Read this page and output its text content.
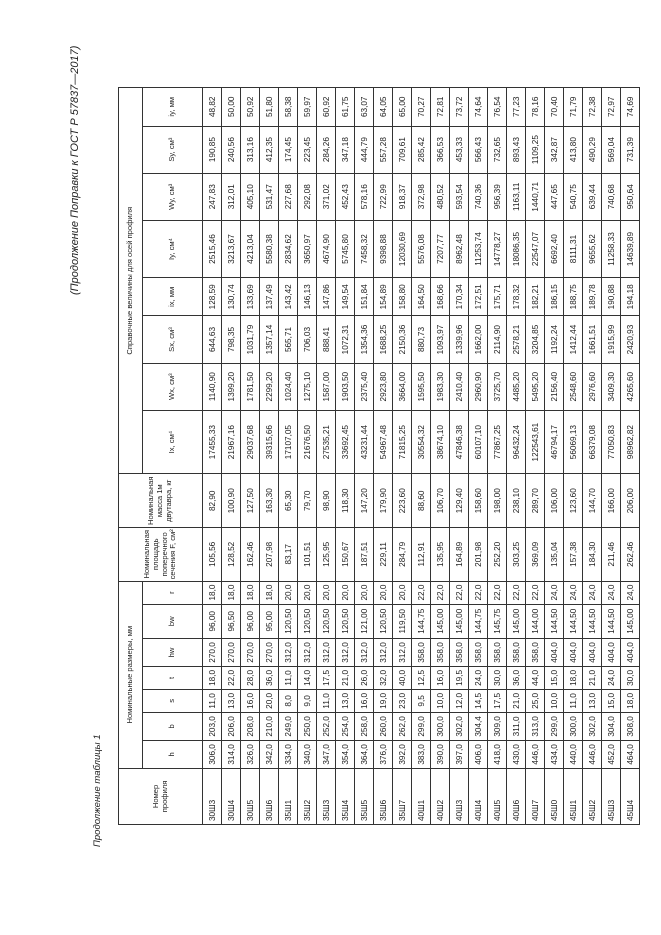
(Продолжение Поправки к ГОСТ Р 57837—2017)
Продолжение таблицы 1	Номер профиля	Номинальные размеры, мм							Номинальная площадь поперечного сечения F, см²	Номинальная масса 1м двутавра, кг	Справочные величины для осей профиля							
	h	b	s	t	hw	bw	r			Ix, см⁴	Wx, см³	Sx, см³	ix, мм	Iy, см⁴	Wy, см³	Sy, см³	iy, мм
30Ш3	306,0	203,0	11,0	18,0	270,0	96,00	18,0	105,56	82,90	17455,33	1140,90	644,63	128,59	2515,46	247,83	190,85	48,82
30Ш4	314,0	206,0	13,0	22,0	270,0	96,50	18,0	128,52	100,90	21967,16	1399,20	798,35	130,74	3213,67	312,01	240,56	50,00
30Ш5	326,0	208,0	16,0	28,0	270,0	96,00	18,0	162,46	127,50	29037,68	1781,50	1031,79	133,69	4213,04	405,10	313,16	50,92
30Ш6	342,0	210,0	20,0	36,0	270,0	95,00	18,0	207,98	163,30	39315,66	2299,20	1357,14	137,49	5580,38	531,47	412,35	51,80
35Ш1	334,0	249,0	8,0	11,0	312,0	120,50	20,0	83,17	65,30	17107,05	1024,40	565,71	143,42	2834,62	227,68	174,45	58,38
35Ш2	340,0	250,0	9,0	14,0	312,0	120,50	20,0	101,51	79,70	21676,50	1275,10	706,03	146,13	3650,97	292,08	223,45	59,97
35Ш3	347,0	252,0	11,0	17,5	312,0	120,50	20,0	125,95	98,90	27535,21	1587,00	888,41	147,86	4674,90	371,02	284,26	60,92
35Ш4	354,0	254,0	13,0	21,0	312,0	120,50	20,0	150,67	118,30	33692,45	1903,50	1072,31	149,54	5745,80	452,43	347,18	61,75
35Ш5	364,0	258,0	16,0	26,0	312,0	121,00	20,0	187,51	147,20	43231,44	2375,40	1354,36	151,84	7458,32	578,16	444,79	63,07
35Ш6	376,0	260,0	19,0	32,0	312,0	120,50	20,0	229,11	179,90	54967,48	2923,80	1688,25	154,89	9398,88	722,99	557,28	64,05
35Ш7	392,0	262,0	23,0	40,0	312,0	119,50	20,0	284,79	223,60	71815,25	3664,00	2150,36	158,80	12030,69	918,37	709,61	65,00
40Ш1	383,0	299,0	9,5	12,5	358,0	144,75	22,0	112,91	88,60	30554,32	1595,50	880,73	164,50	5576,08	372,98	285,42	70,27
40Ш2	390,0	300,0	10,0	16,0	358,0	145,00	22,0	135,95	106,70	38674,10	1983,30	1093,97	168,66	7207,77	480,52	366,53	72,81
40Ш3	397,0	302,0	12,0	19,5	358,0	145,00	22,0	164,89	129,40	47846,38	2410,40	1339,96	170,34	8962,48	593,54	453,33	73,72
40Ш4	406,0	304,4	14,5	24,0	358,0	144,75	22,0	201,98	158,60	60107,10	2960,90	1662,00	172,51	11253,74	740,36	566,43	74,64
40Ш5	418,0	309,0	17,5	30,0	358,0	145,75	22,0	252,20	198,00	77867,25	3725,70	2114,90	175,71	14778,27	956,39	732,65	76,54
40Ш6	430,0	311,0	21,0	36,0	358,0	145,00	22,0	303,25	238,10	96432,24	4485,20	2578,21	178,32	18086,35	1163,11	893,43	77,23
40Ш7	446,0	313,0	25,0	44,0	358,0	144,00	22,0	369,09	289,70	122543,61	5495,20	3204,85	182,21	22547,07	1440,71	1109,25	78,16
45Ш0	434,0	299,0	10,0	15,0	404,0	144,50	24,0	135,04	106,00	46794,17	2156,40	1192,24	186,15	6692,40	447,65	342,87	70,40
45Ш1	440,0	300,0	11,0	18,0	404,0	144,50	24,0	157,38	123,60	56069,13	2548,60	1412,44	188,75	8111,31	540,75	413,80	71,79
45Ш2	446,0	302,0	13,0	21,0	404,0	144,50	24,0	184,30	144,70	66379,08	2976,60	1661,51	189,78	9655,62	639,44	490,29	72,38
45Ш3	452,0	304,0	15,0	24,0	404,0	144,50	24,0	211,46	166,00	77050,83	3409,30	1915,99	190,88	11258,33	740,68	569,04	72,97
45Ш4	464,0	308,0	18,0	30,0	404,0	145,00	24,0	262,46	206,00	98962,82	4265,60	2420,93	194,18	14639,89	950,64	731,39	74,69
